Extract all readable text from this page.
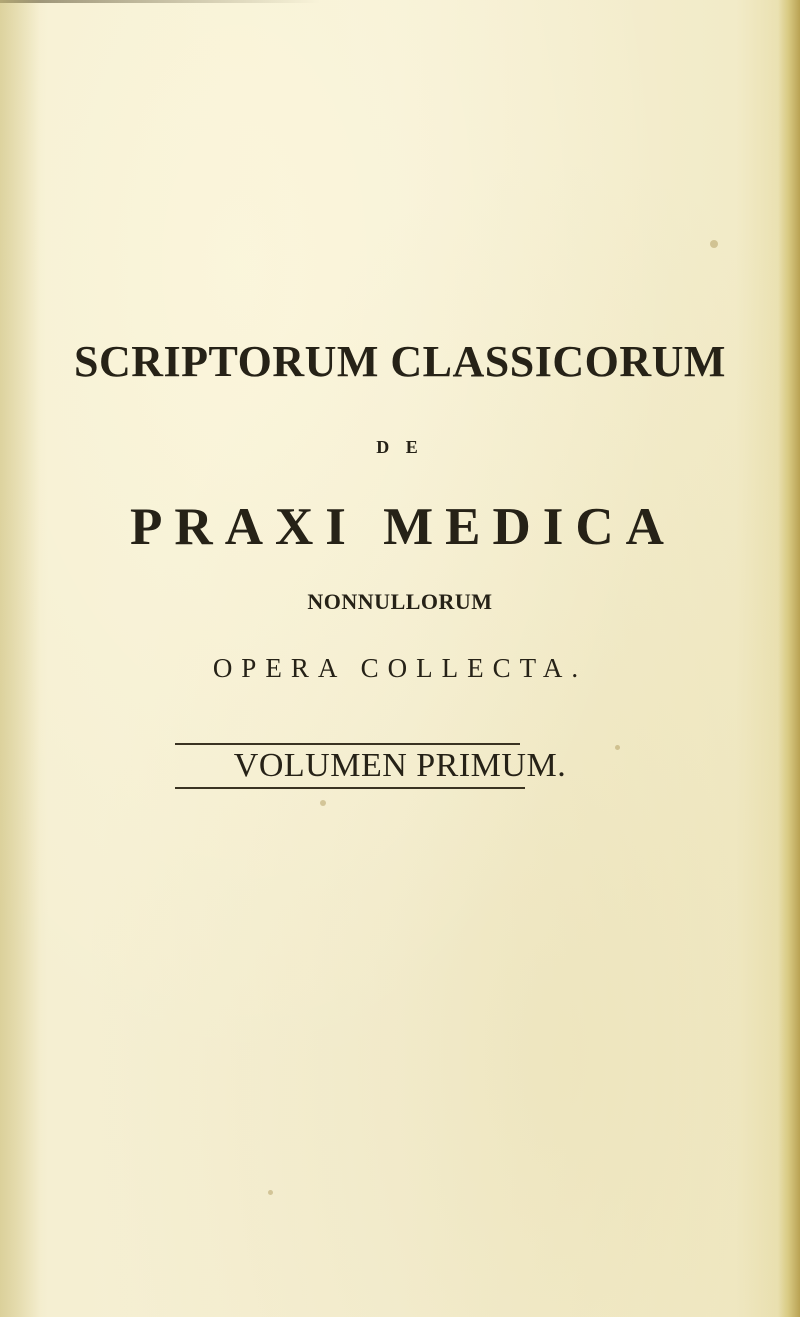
SCRIPTORUM CLASSICORUM
D E
PRAXI MEDICA
NONNULLORUM
OPERA COLLECTA.
VOLUMEN PRIMUM.
